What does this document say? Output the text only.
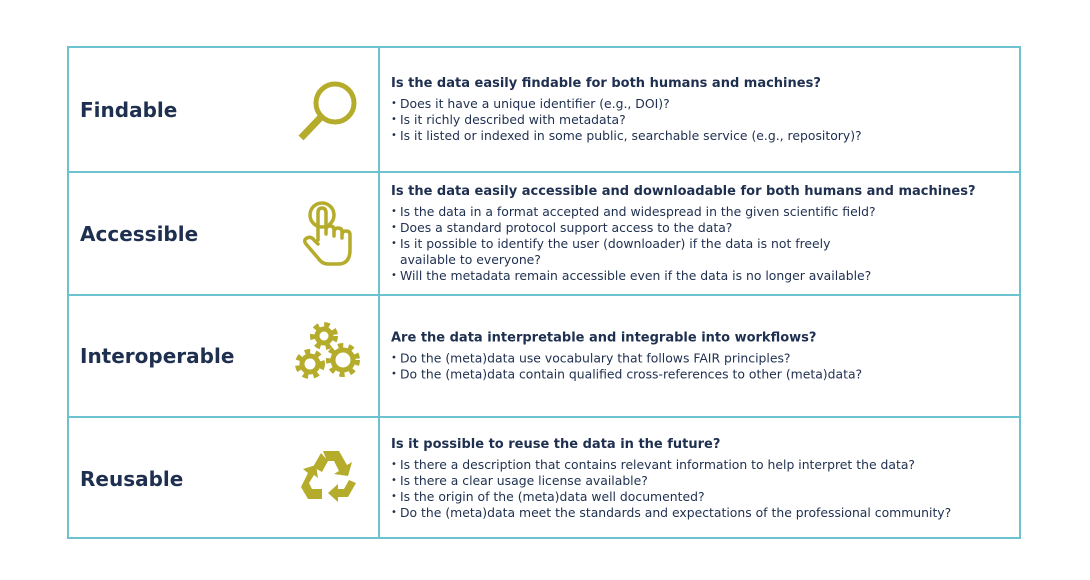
Findable
Is the data easily findable for both humans and machines?
• Does it have a unique identifier (e.g., DOI)?
• Is it richly described with metadata?
• Is it listed or indexed in some public, searchable service (e.g., repository)?
Accessible
Is the data easily accessible and downloadable for both humans and machines?
• Is the data in a format accepted and widespread in the given scientific field?
• Does a standard protocol support access to the data?
• Is it possible to identify the user (downloader) if the data is not freely
available to everyone?
• Will the metadata remain accessible even if the data is no longer available?
Interoperable
Are the data interpretable and integrable into workflows?
• Do the (meta)data use vocabulary that follows FAIR principles?
• Do the (meta)data contain qualified cross-references to other (meta)data?
Reusable
Is it possible to reuse the data in the future?
• Is there a description that contains relevant information to help interpret the data?
• Is there a clear usage license available?
• Is the origin of the (meta)data well documented?
• Do the (meta)data meet the standards and expectations of the professional community?
